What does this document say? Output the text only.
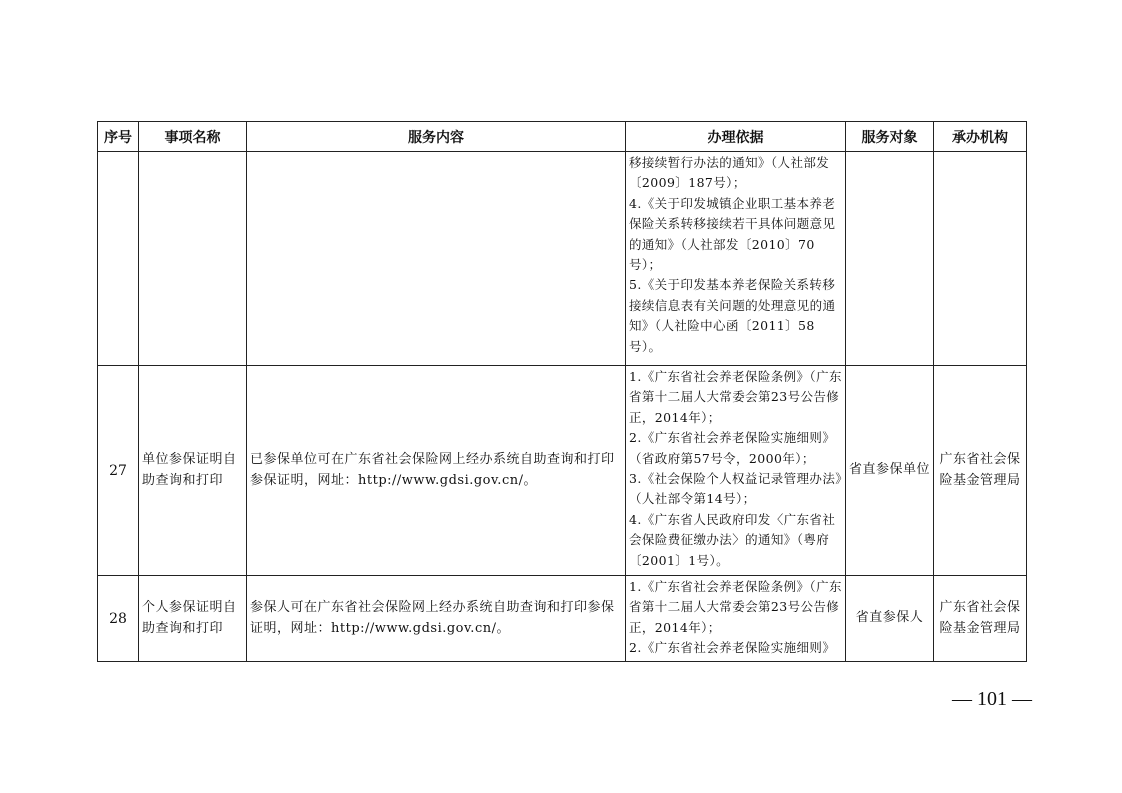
序号	事项名称	服务内容	办理依据	服务对象	承办机构

			移接续暂行办法的通知》（人社部发〔2009〕187号）；
4.《关于印发城镇企业职工基本养老保险关系转移接续若干具体问题意见的通知》（人社部发〔2010〕70号）；
5.《关于印发基本养老保险关系转移接续信息表有关问题的处理意见的通知》（人社险中心函〔2011〕58号）。		

27	单位参保证明自助查询和打印	已参保单位可在广东省社会保险网上经办系统自助查询和打印参保证明，网址：http://www.gdsi.gov.cn/。	1.《广东省社会养老保险条例》（广东省第十二届人大常委会第23号公告修正，2014年）；
2.《广东省社会养老保险实施细则》（省政府第57号令，2000年）；
3.《社会保险个人权益记录管理办法》（人社部令第14号）；
4.《广东省人民政府印发〈广东省社会保险费征缴办法〉的通知》（粤府〔2001〕1号）。	省直参保单位	广东省社会保险基金管理局
28	个人参保证明自助查询和打印	参保人可在广东省社会保险网上经办系统自助查询和打印参保证明，网址：http://www.gdsi.gov.cn/。	1.《广东省社会养老保险条例》（广东省第十二届人大常委会第23号公告修正，2014年）；
2.《广东省社会养老保险实施细则》	省直参保人	广东省社会保险基金管理局
— 101 —
